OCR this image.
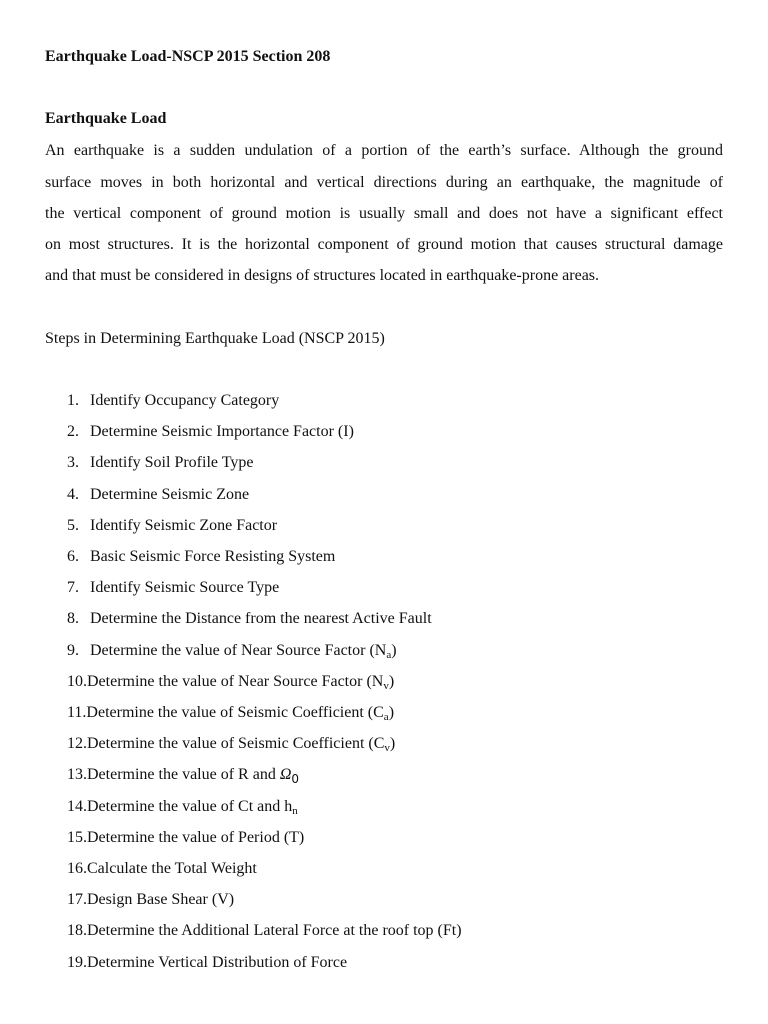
Earthquake Load-NSCP 2015 Section 208
Earthquake Load
An earthquake is a sudden undulation of a portion of the earth’s surface. Although the ground
surface moves in both horizontal and vertical directions during an earthquake, the magnitude of
the vertical component of ground motion is usually small and does not have a significant effect
on most structures. It is the horizontal component of ground motion that causes structural damage
and that must be considered in designs of structures located in earthquake-prone areas.
Steps in Determining Earthquake Load (NSCP 2015)
1. Identify Occupancy Category
2. Determine Seismic Importance Factor (I)
3. Identify Soil Profile Type
4. Determine Seismic Zone
5. Identify Seismic Zone Factor
6. Basic Seismic Force Resisting System
7. Identify Seismic Source Type
8. Determine the Distance from the nearest Active Fault
9. Determine the value of Near Source Factor $(N_a)$
10.Determine the value of Near Source Factor $(N_v)$
11.Determine the value of Seismic Coefficient $(C_a)$
12.Determine the value of Seismic Coefficient $(C_v)$
13.Determine the value of R and $\Omega_0$
14.Determine the value of Ct and $h_n$
15.Determine the value of Period (T)
16.Calculate the Total Weight
17.Design Base Shear (V)
18.Determine the Additional Lateral Force at the roof top (Ft)
19.Determine Vertical Distribution of Force
